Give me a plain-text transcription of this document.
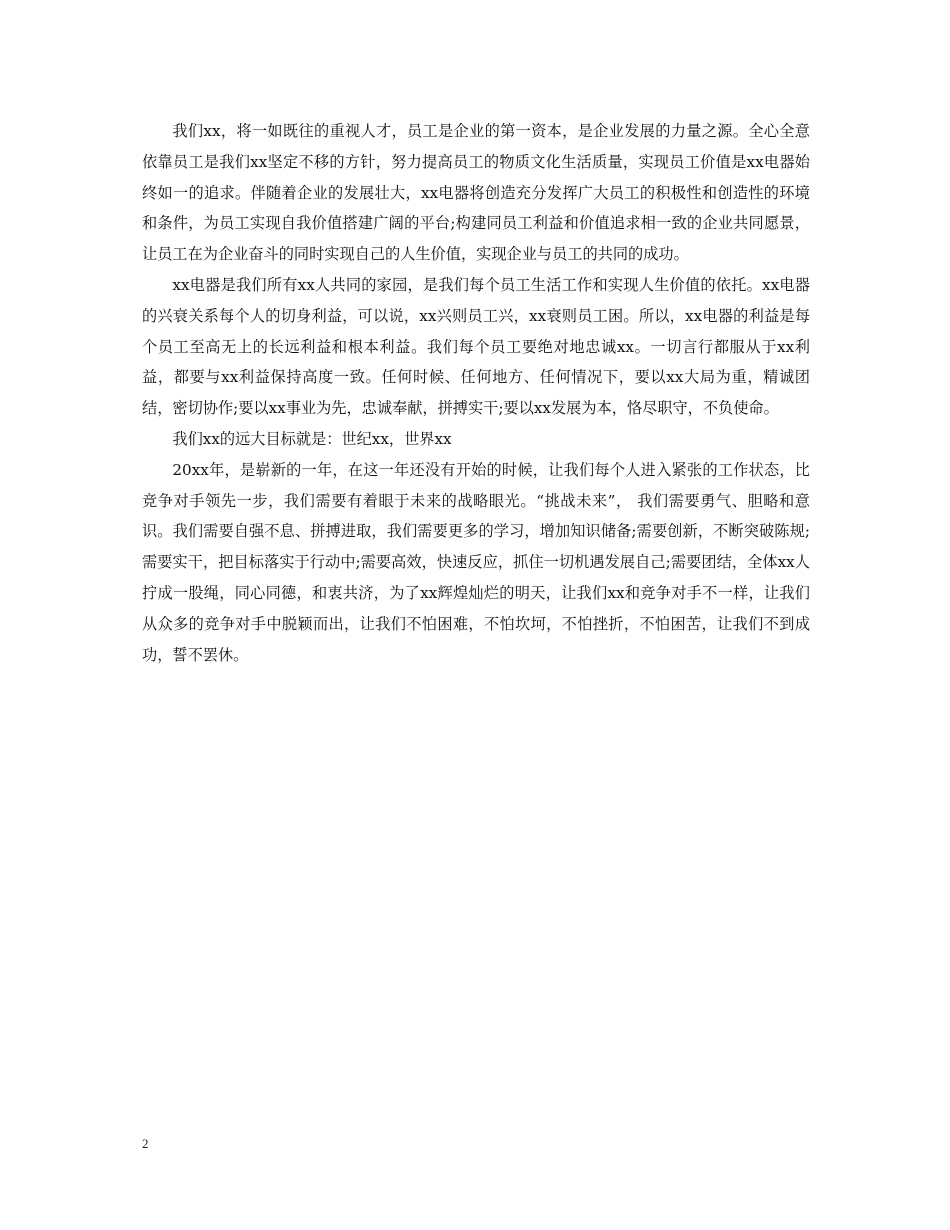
我们xx，将一如既往的重视人才，员工是企业的第一资本，是企业发展的力量之源。全心全意依靠员工是我们xx坚定不移的方针，努力提高员工的物质文化生活质量，实现员工价值是xx电器始终如一的追求。伴随着企业的发展壮大，xx电器将创造充分发挥广大员工的积极性和创造性的环境和条件，为员工实现自我价值搭建广阔的平台;构建同员工利益和价值追求相一致的企业共同愿景，让员工在为企业奋斗的同时实现自己的人生价值，实现企业与员工的共同的成功。

xx电器是我们所有xx人共同的家园，是我们每个员工生活工作和实现人生价值的依托。xx电器的兴衰关系每个人的切身利益，可以说，xx兴则员工兴，xx衰则员工困。所以，xx电器的利益是每个员工至高无上的长远利益和根本利益。我们每个员工要绝对地忠诚xx。一切言行都服从于xx利益，都要与xx利益保持高度一致。任何时候、任何地方、任何情况下，要以xx大局为重，精诚团结，密切协作;要以xx事业为先，忠诚奉献，拼搏实干;要以xx发展为本，恪尽职守，不负使命。

我们xx的远大目标就是：世纪xx，世界xx

20xx年，是崭新的一年，在这一年还没有开始的时候，让我们每个人进入紧张的工作状态，比竞争对手领先一步，我们需要有着眼于未来的战略眼光。“挑战未来”， 我们需要勇气、胆略和意识。我们需要自强不息、拼搏进取，我们需要更多的学习，增加知识储备;需要创新，不断突破陈规;需要实干，把目标落实于行动中;需要高效，快速反应，抓住一切机遇发展自己;需要团结，全体xx人拧成一股绳，同心同德，和衷共济，为了xx辉煌灿烂的明天，让我们xx和竞争对手不一样，让我们从众多的竞争对手中脱颖而出，让我们不怕困难，不怕坎坷，不怕挫折，不怕困苦，让我们不到成功，誓不罢休。

2
